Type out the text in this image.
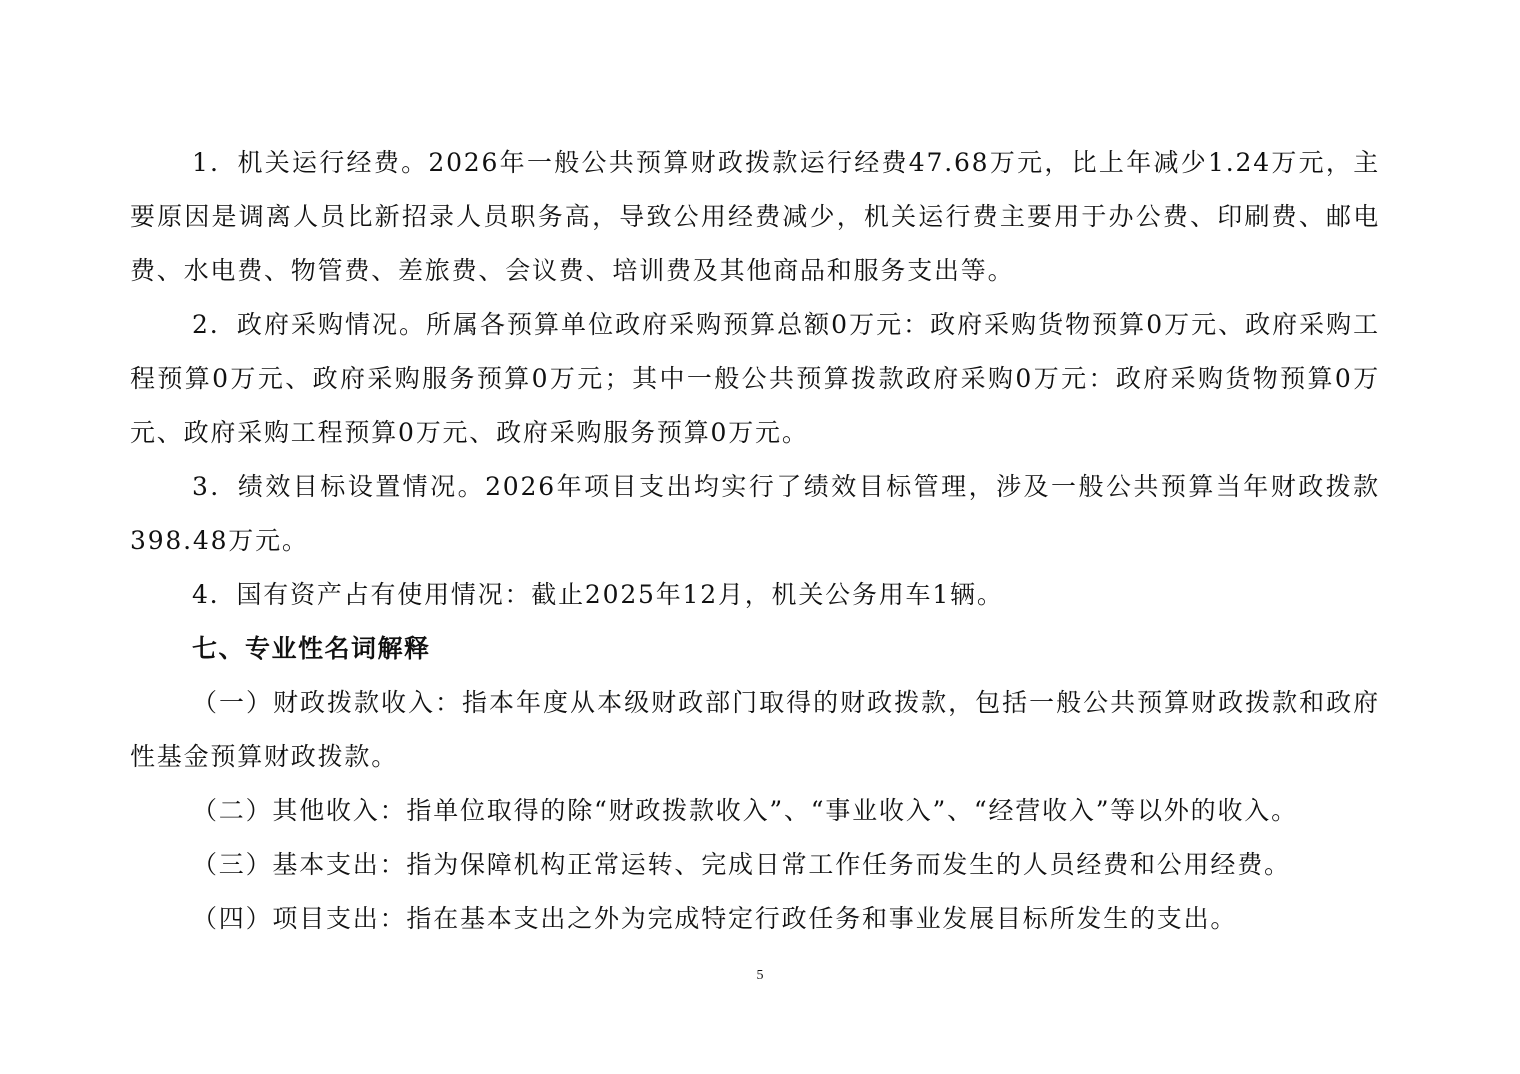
1．机关运行经费。2026年一般公共预算财政拨款运行经费47.68万元，比上年减少1.24万元，主要原因是调离人员比新招录人员职务高，导致公用经费减少，机关运行费主要用于办公费、印刷费、邮电费、水电费、物管费、差旅费、会议费、培训费及其他商品和服务支出等。

2．政府采购情况。所属各预算单位政府采购预算总额0万元：政府采购货物预算0万元、政府采购工程预算0万元、政府采购服务预算0万元；其中一般公共预算拨款政府采购0万元：政府采购货物预算0万元、政府采购工程预算0万元、政府采购服务预算0万元。

3．绩效目标设置情况。2026年项目支出均实行了绩效目标管理，涉及一般公共预算当年财政拨款398.48万元。

4．国有资产占有使用情况：截止2025年12月，机关公务用车1辆。

七、专业性名词解释

（一）财政拨款收入：指本年度从本级财政部门取得的财政拨款，包括一般公共预算财政拨款和政府性基金预算财政拨款。

（二）其他收入：指单位取得的除“财政拨款收入”、“事业收入”、“经营收入”等以外的收入。

（三）基本支出：指为保障机构正常运转、完成日常工作任务而发生的人员经费和公用经费。

（四）项目支出：指在基本支出之外为完成特定行政任务和事业发展目标所发生的支出。

5
